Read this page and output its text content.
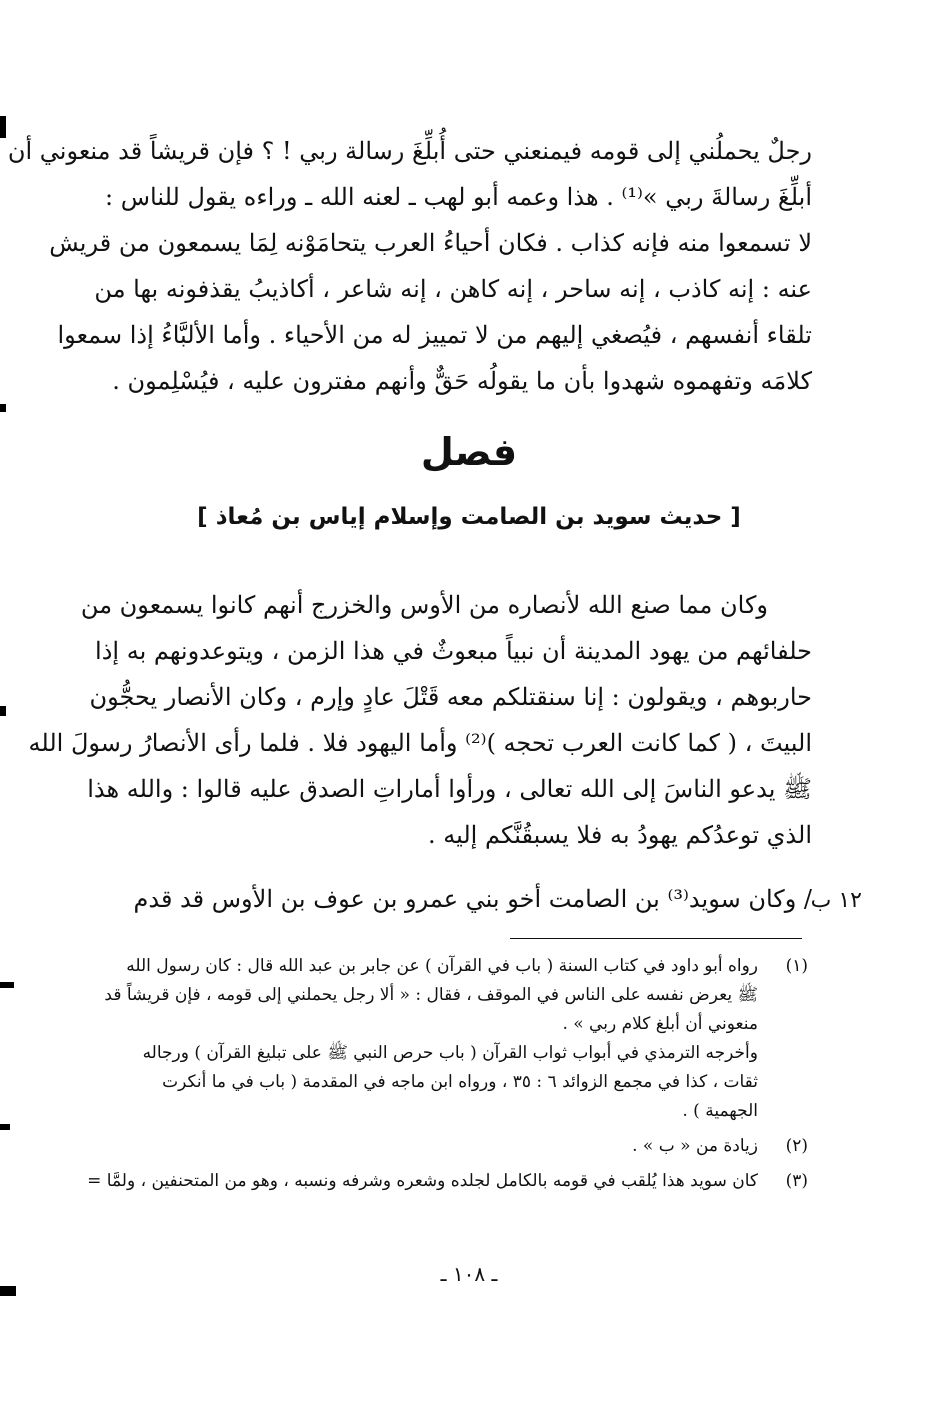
رجلٌ يحملُني إلى قومه فيمنعني حتى أُبلِّغَ رسالة ربي ! ؟ فإن قريشاً قد منعوني أن
أبلِّغَ رسالةَ ربي »⁽¹⁾ . هذا وعمه أبو لهب ـ لعنه الله ـ وراءه يقول للناس :
لا تسمعوا منه فإنه كذاب . فكان أحياءُ العرب يتحامَوْنه لِمَا يسمعون من قريش
عنه : إنه كاذب ، إنه ساحر ، إنه كاهن ، إنه شاعر ، أكاذيبُ يقذفونه بها من
تلقاء أنفسهم ، فيُصغي إليهم من لا تمييز له من الأحياء . وأما الألبَّاءُ إذا سمعوا
كلامَه وتفهموه شهدوا بأن ما يقولُه حَقٌّ وأنهم مفترون عليه ، فيُسْلِمون .
فصل
[ حديث سويد بن الصامت وإسلام إياس بن مُعاذ ]
وكان مما صنع الله لأنصاره من الأوس والخزرج أنهم كانوا يسمعون من
حلفائهم من يهود المدينة أن نبياً مبعوثٌ في هذا الزمن ، ويتوعدونهم به إذا
حاربوهم ، ويقولون : إنا سنقتلكم معه قَتْلَ عادٍ وإرم ، وكان الأنصار يحجُّون
البيتَ ، ( كما كانت العرب تحجه )⁽²⁾ وأما اليهود فلا . فلما رأى الأنصارُ رسولَ الله
ﷺ يدعو الناسَ إلى الله تعالى ، ورأوا أماراتِ الصدق عليه قالوا : والله هذا
الذي توعدُكم يهودُ به فلا يسبقُنَّكم إليه .
١٢ ب
/ وكان سويد⁽³⁾ بن الصامت أخو بني عمرو بن عوف بن الأوس قد قدم
(١)
رواه أبو داود في كتاب السنة ( باب في القرآن ) عن جابر بن عبد الله قال : كان رسول الله
ﷺ يعرض نفسه على الناس في الموقف ، فقال : « ألا رجل يحملني إلى قومه ، فإن قريشاً قد
منعوني أن أبلغ كلام ربي » .
وأخرجه الترمذي في أبواب ثواب القرآن ( باب حرص النبي ﷺ على تبليغ القرآن ) ورجاله
ثقات ، كذا في مجمع الزوائد ٦ : ٣٥ ، ورواه ابن ماجه في المقدمة ( باب في ما أنكرت
الجهمية ) .
(٢)
زيادة من « ب » .
(٣)
كان سويد هذا يُلقب في قومه بالكامل لجلده وشعره وشرفه ونسبه ، وهو من المتحنفين ، ولمَّا =
ـ ١٠٨ ـ
